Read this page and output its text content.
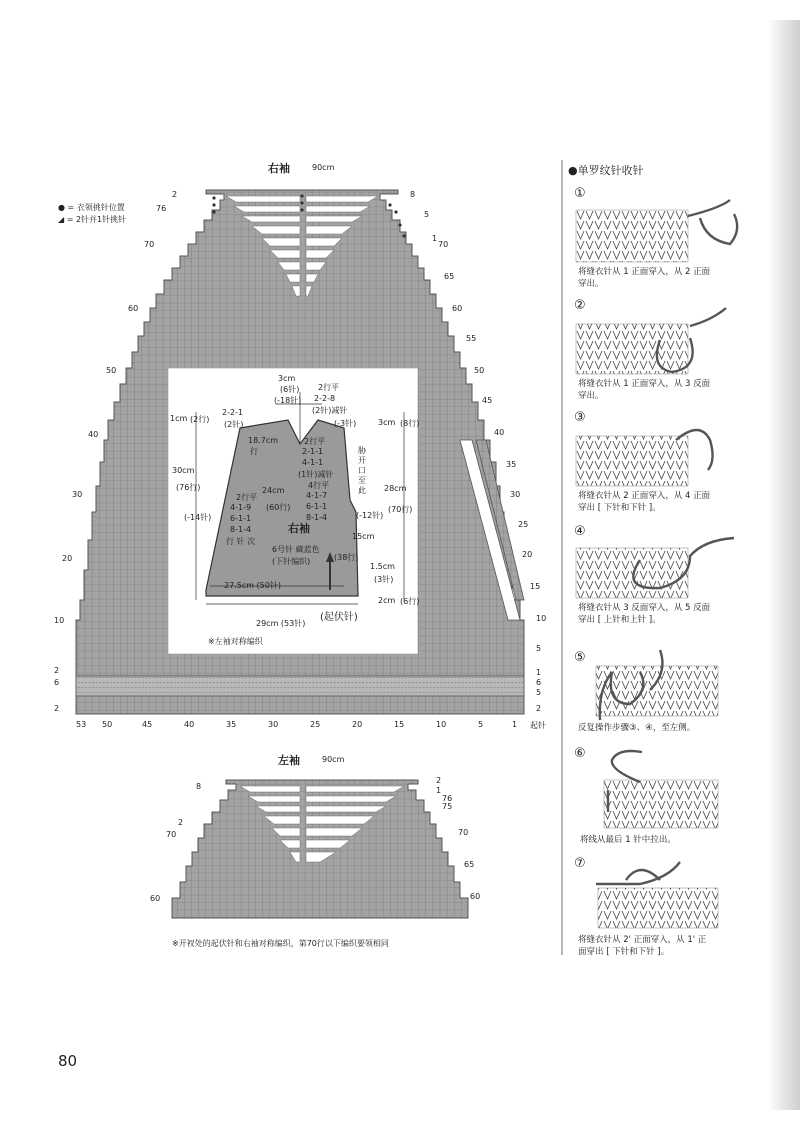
右袖	90cm
● = 衣领挑针位置
◢ = 2针并1针挑针
2
76
70
60
50
40
30
20
10
2
6
2
8
5
1
70
65
60
55
50
45
40
35
30
25
20
15
10
5
1
6
5
2
53 50	45	40	35	30	25	20	15	10	5	1 起针
右袖
3cm
(6针)
(-18针)
2行平
2-2-8
(2针)减针
(-3针)
2-2-1
(2针)
1cm (2行)
18.7cm
行
2行平
2-1-1
4-1-1
(1针)减针
4行平
4-1-7
6-1-1
8-1-4
胁开口至此
3cm (8行)
28cm
(70行)
(-12针)
30cm
(76行)
(-14针)
2行平
4-1-9
6-1-1
8-1-4
行 针 次
24cm
(60行)
6号针 藏蓝色
(下针编织)
15cm
(38行)
27.5cm (50针)
29cm (53针)
(起伏针)
1.5cm
(3针)
2cm (6行)
※左袖对称编织
左袖	90cm
8
2
70
60
2
1
76
75
70
65
60
※开衩处的起伏针和右袖对称编织，第70行以下编织要领相同
●单罗纹针收针
①
将缝衣针从 1 正面穿入，从 2 正面穿出。
②
将缝衣针从 1 正面穿入，从 3 反面穿出。
③
将缝衣针从 2 正面穿入，从 4 正面穿出 [ 下针和下针 ]。
④
将缝衣针从 3 反面穿入，从 5 反面穿出 [ 上针和上针 ]。
⑤
反复操作步骤③、④，至左侧。
⑥
将线从最后 1 针中拉出。
⑦
将缝衣针从 2' 正面穿入，从 1' 正面穿出 [ 下针和下针 ]。
80
